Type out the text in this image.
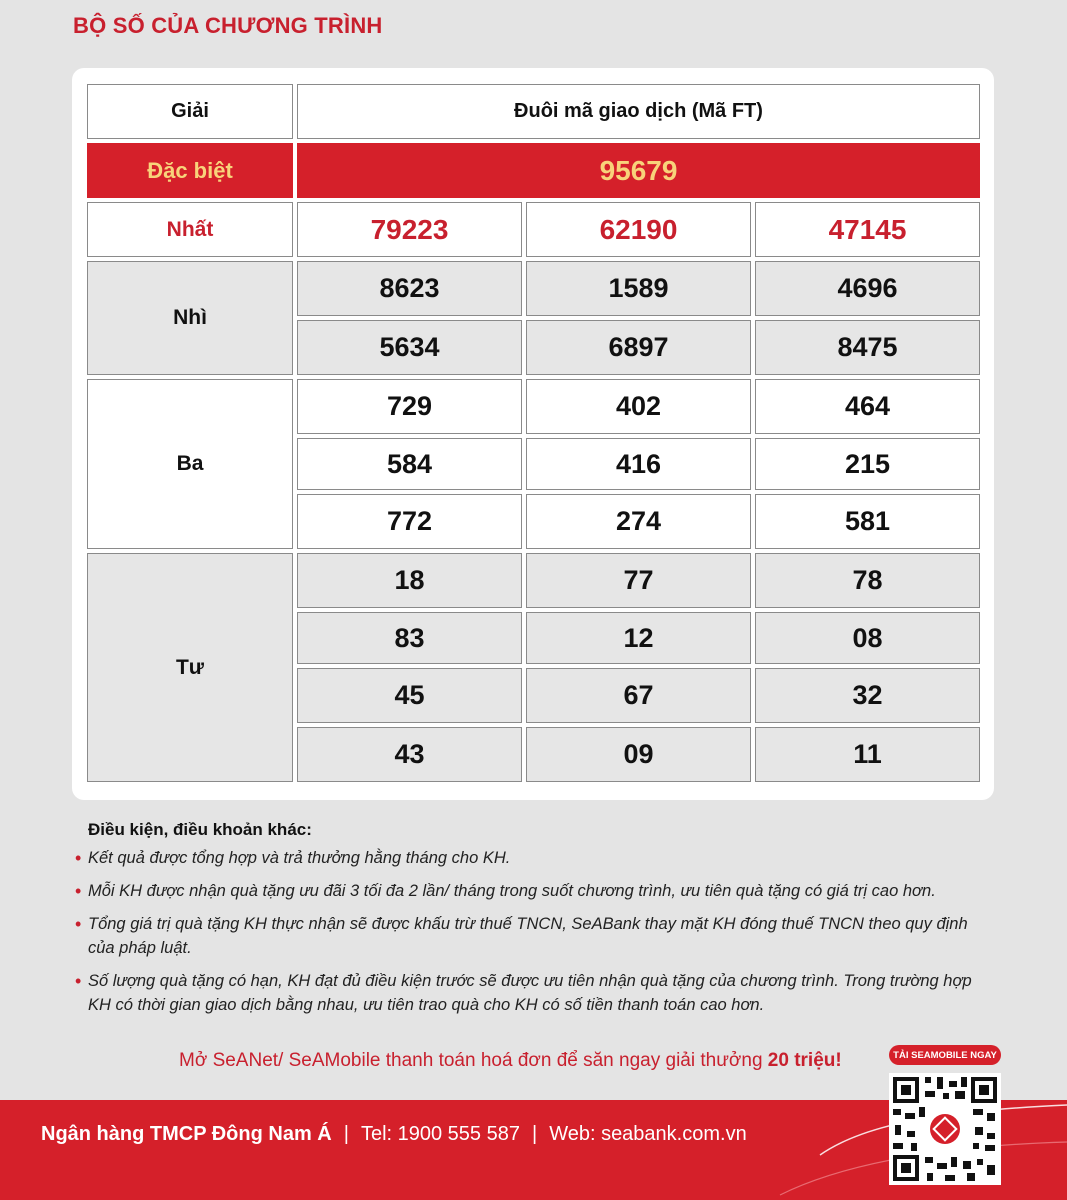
BỘ SỐ CỦA CHƯƠNG TRÌNH
Giải	Đuôi mã giao dịch (Mã FT)
Đặc biệt	95679
Nhất	79223	62190	47145
Nhì
8623	1589	4696
5634	6897	8475
Ba
729	402	464
584	416	215
772	274	581
Tư
18	77	78
83	12	08
45	67	32
43	09	11
Điều kiện, điều khoản khác:
• Kết quả được tổng hợp và trả thưởng hằng tháng cho KH.
• Mỗi KH được nhận quà tặng ưu đãi 3 tối đa 2 lần/ tháng trong suốt chương trình, ưu tiên quà tặng có giá trị cao hơn.
• Tổng giá trị quà tặng KH thực nhận sẽ được khấu trừ thuế TNCN, SeABank thay mặt KH đóng thuế TNCN theo quy định của pháp luật.
• Số lượng quà tặng có hạn, KH đạt đủ điều kiện trước sẽ được ưu tiên nhận quà tặng của chương trình. Trong trường hợp KH có thời gian giao dịch bằng nhau, ưu tiên trao quà cho KH có số tiền thanh toán cao hơn.
Mở SeANet/ SeAMobile thanh toán hoá đơn để săn ngay giải thưởng 20 triệu!	TẢI SEAMOBILE NGAY
Ngân hàng TMCP Đông Nam Á | Tel: 1900 555 587 | Web: seabank.com.vn
